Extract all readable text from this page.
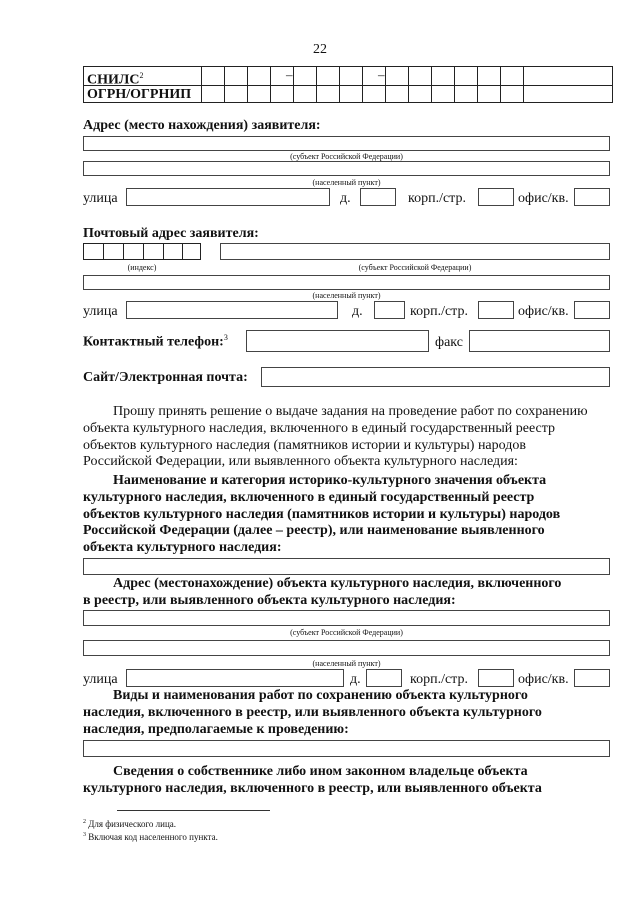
22
СНИЛС$^2$	–	–
ОГРН/ОГРНИП
Адрес (место нахождения) заявителя:
(субъект Российской Федерации)
(населенный пункт)
улица	д.	корп./стр.	офис/кв.
Почтовый адрес заявителя:
(индекс)	(субъект Российской Федерации)
(населенный пункт)
улица	д.	корп./стр.	офис/кв.
Контактный телефон:$^3$	факс
Сайт/Электронная почта:
Прошу принять решение о выдаче задания на проведение работ по сохранению
объекта культурного наследия, включенного в единый государственный реестр
объектов культурного наследия (памятников истории и культуры) народов
Российской Федерации, или выявленного объекта культурного наследия:
Наименование и категория историко-культурного значения объекта
культурного наследия, включенного в единый государственный реестр
объектов культурного наследия (памятников истории и культуры) народов
Российской Федерации (далее – реестр), или наименование выявленного
объекта культурного наследия:
Адрес (местонахождение) объекта культурного наследия, включенного
в реестр, или выявленного объекта культурного наследия:
(субъект Российской Федерации)
(населенный пункт)
улица	д.	корп./стр.	офис/кв.
Виды и наименования работ по сохранению объекта культурного
наследия, включенного в реестр, или выявленного объекта культурного
наследия, предполагаемые к проведению:
Сведения о собственнике либо ином законном владельце объекта
культурного наследия, включенного в реестр, или выявленного объекта
$^2$ Для физического лица.
$^3$ Включая код населенного пункта.
